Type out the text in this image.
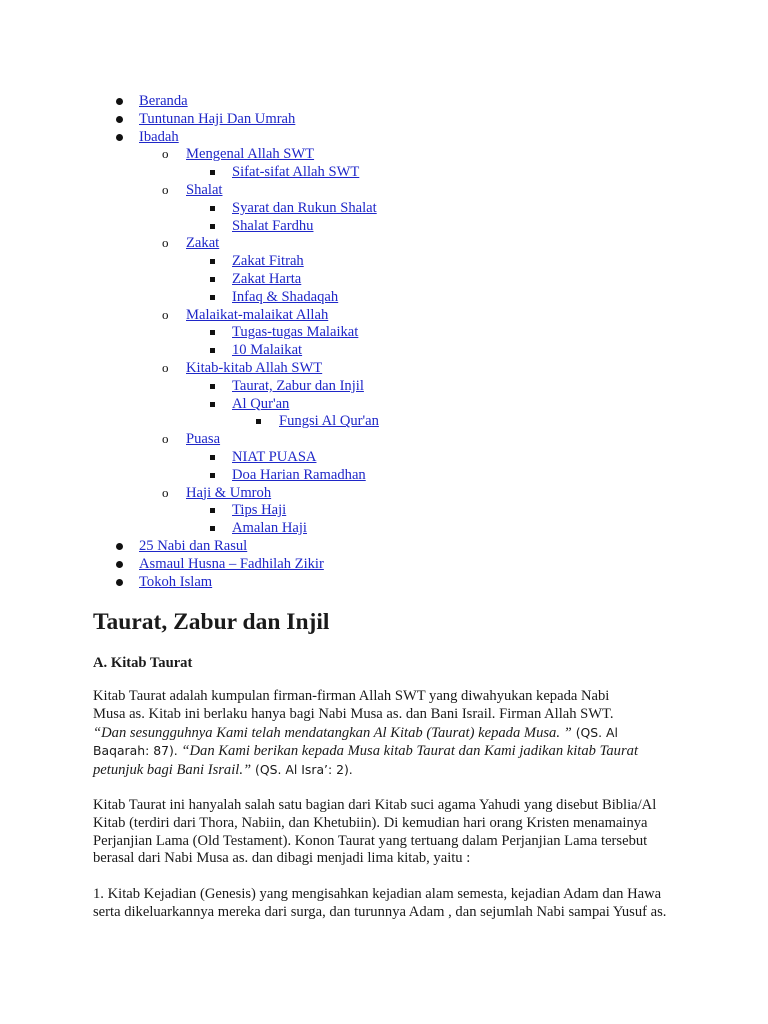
Beranda
Tuntunan Haji Dan Umrah
Ibadah
o Mengenal Allah SWT
Sifat-sifat Allah SWT
o Shalat
Syarat dan Rukun Shalat
Shalat Fardhu
o Zakat
Zakat Fitrah
Zakat Harta
Infaq & Shadaqah
o Malaikat-malaikat Allah
Tugas-tugas Malaikat
10 Malaikat
o Kitab-kitab Allah SWT
Taurat, Zabur dan Injil
Al Qur'an
Fungsi Al Qur'an
o Puasa
NIAT PUASA
Doa Harian Ramadhan
o Haji & Umroh
Tips Haji
Amalan Haji
25 Nabi dan Rasul
Asmaul Husna – Fadhilah Zikir
Tokoh Islam
Taurat, Zabur dan Injil
A. Kitab Taurat

Kitab Taurat adalah kumpulan firman-firman Allah SWT yang diwahyukan kepada Nabi
Musa as. Kitab ini berlaku hanya bagi Nabi Musa as. dan Bani Israil. Firman Allah SWT.
“Dan sesungguhnya Kami telah mendatangkan Al Kitab (Taurat) kepada Musa. ” (QS. Al
Baqarah: 87). “Dan Kami berikan kepada Musa kitab Taurat dan Kami jadikan kitab Taurat
petunjuk bagi Bani Israil.” (QS. Al Isra’: 2).

Kitab Taurat ini hanyalah salah satu bagian dari Kitab suci agama Yahudi yang disebut Biblia/Al Kitab (terdiri dari Thora, Nabiin, dan Khetubiin). Di kemudian hari orang Kristen menamainya Perjanjian Lama (Old Testament). Konon Taurat yang tertuang dalam Perjanjian Lama tersebut berasal dari Nabi Musa as. dan dibagi menjadi lima kitab, yaitu :

1. Kitab Kejadian (Genesis) yang mengisahkan kejadian alam semesta, kejadian Adam dan Hawa serta dikeluarkannya mereka dari surga, dan turunnya Adam , dan sejumlah Nabi sampai Yusuf as.
